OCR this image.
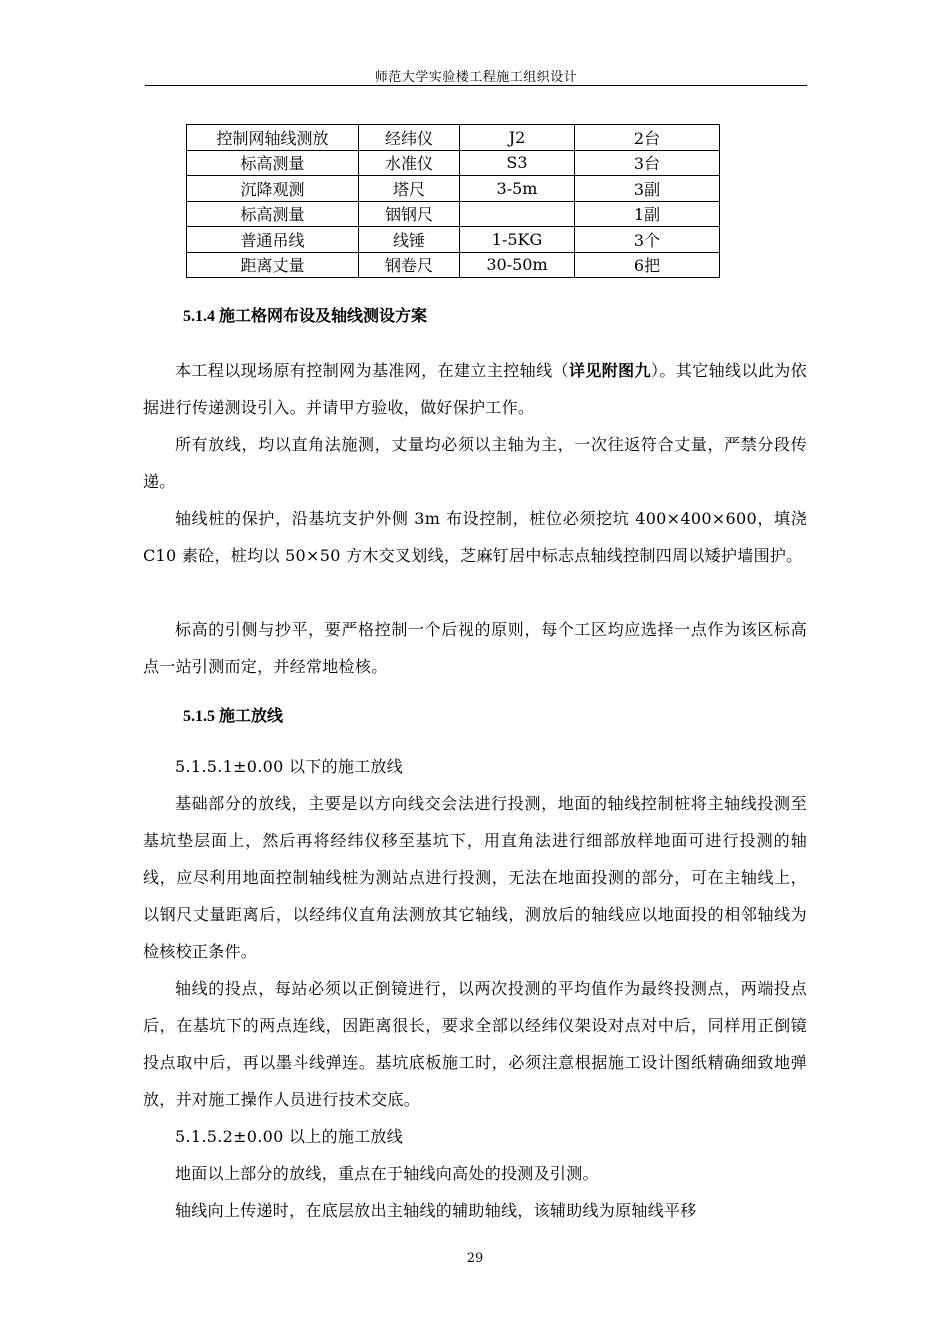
师范大学实验楼工程施工组织设计
控制网轴线测放	经纬仪	J2	2台
标高测量	水准仪	S3	3台
沉降观测	塔尺	3-5m	3副
标高测量	铟钢尺		1副
普通吊线	线锤	1-5KG	3个
距离丈量	钢卷尺	30-50m	6把
5.1.4 施工格网布设及轴线测设方案
本工程以现场原有控制网为基准网，在建立主控轴线（详见附图九）。其它轴线以此为依据进行传递测设引入。并请甲方验收，做好保护工作。
所有放线，均以直角法施测，丈量均必须以主轴为主，一次往返符合丈量，严禁分段传递。
轴线桩的保护，沿基坑支护外侧 3m 布设控制，桩位必须挖坑 400×400×600，填浇 C10 素砼，桩均以 50×50 方木交叉划线，芝麻钉居中标志点轴线控制四周以矮护墙围护。
标高的引侧与抄平，要严格控制一个后视的原则，每个工区均应选择一点作为该区标高点一站引测而定，并经常地检核。
5.1.5 施工放线
5.1.5.1±0.00 以下的施工放线
基础部分的放线，主要是以方向线交会法进行投测，地面的轴线控制桩将主轴线投测至基坑垫层面上，然后再将经纬仪移至基坑下，用直角法进行细部放样地面可进行投测的轴线，应尽利用地面控制轴线桩为测站点进行投测，无法在地面投测的部分，可在主轴线上，以钢尺丈量距离后，以经纬仪直角法测放其它轴线，测放后的轴线应以地面投的相邻轴线为检核校正条件。
轴线的投点，每站必须以正倒镜进行，以两次投测的平均值作为最终投测点，两端投点后，在基坑下的两点连线，因距离很长，要求全部以经纬仪架设对点对中后，同样用正倒镜投点取中后，再以墨斗线弹连。基坑底板施工时，必须注意根据施工设计图纸精确细致地弹放，并对施工操作人员进行技术交底。
5.1.5.2±0.00 以上的施工放线
地面以上部分的放线，重点在于轴线向高处的投测及引测。
轴线向上传递时，在底层放出主轴线的辅助轴线，该辅助线为原轴线平移
29
